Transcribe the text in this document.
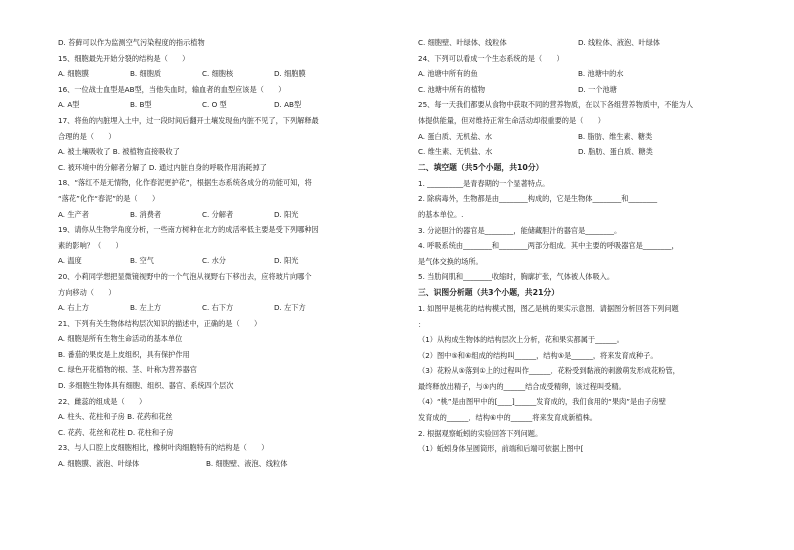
D. 苔藓可以作为监测空气污染程度的指示植物
15、细胞最先开始分裂的结构是（　　）
A. 细胞膜	B. 细胞质	C. 细胞核	D. 细胞膜
16、一位战士血型是AB型，当他失血时，输血者的血型应该是（　　）
A. A型	B. B型	C. O 型	D. AB型
17、将鱼的内脏埋入土中，过一段时间后翻开土壤发现鱼内脏不见了，下列解释最
合理的是（　　）
A. 被土壤吸收了 B. 被植物直接吸收了
C. 被环境中的分解者分解了 D. 通过内脏自身的呼吸作用消耗掉了
18、“落红不是无情物，化作春泥更护花”，根据生态系统各成分的功能可知，将
“落花”化作“春泥”的是（　　）
A. 生产者	B. 消费者	C. 分解者	D. 阳光
19、请你从生物学角度分析，一些南方树种在北方的成活率低主要是受下列哪种因
素的影响？（　　）
A. 温度	B. 空气	C. 水分	D. 阳光
20、小莉同学想把显微镜视野中的一个气泡从视野右下移出去，应将玻片向哪个
方向移动（　　）
A. 右上方	B. 左上方	C. 右下方	D. 左下方
21、下列有关生物体结构层次知识的描述中，正确的是（　　）
A. 细胞是所有生物生命活动的基本单位
B. 番茄的果皮是上皮组织，具有保护作用
C. 绿色开花植物的根、茎、叶称为营养器官
D. 多细胞生物体具有细胞、组织、器官、系统四个层次
22、雌蕊的组成是（　　）
A. 柱头、花柱和子房 B. 花药和花丝
C. 花药、花丝和花柱 D. 花柱和子房
23、与人口腔上皮细胞相比，橡树叶肉细胞特有的结构是（　　）
A. 细胞膜、液泡、叶绿体	B. 细胞壁、液泡、线粒体
C. 细胞壁、叶绿体、线粒体	D. 线粒体、液泡、叶绿体
24、下列可以看成一个生态系统的是（　　）
A. 池塘中所有的鱼	B. 池塘中的水
C. 池塘中所有的植物	D. 一个池塘
25、每一天我们都要从食物中获取不同的营养物质，在以下各组营养物质中，不能为人
体提供能量，但对维持正常生命活动却很重要的是（　　）
A. 蛋白质、无机盐、水	B. 脂肪、维生素、糖类
C. 维生素、无机盐、水	D. 脂肪、蛋白质、糖类
二、填空题（共5个小题，共10分）
1. __________是青春期的一个显著特点。
2. 除病毒外，生物都是由________构成的，它是生物体________和________
的基本单位。.
3. 分泌胆汁的器官是________，能储藏胆汁的器官是________。
4. 呼吸系统由________和________两部分组成．其中主要的呼吸器官是________，
是气体交换的场所。
5. 当肋间肌和________收缩时，胸廓扩张，气体被人体吸入。
三、识图分析题（共3个小题，共21分）
1. 如图甲是桃花的结构模式图，图乙是桃的果实示意图．请据图分析回答下列问题
：
（1）从构成生物体的结构层次上分析，花和果实都属于______。
（2）图中⑤和⑥组成的结构叫______，结构⑤是______，将来发育成种子。
（3）花粉从⑤落到①上的过程叫作______．花粉受到黏液的刺激萌发形成花粉管，
最终释放出精子，与⑤内的______结合成受精卵，该过程叫受精。
（4）“桃”是由图甲中的[____]______发育成的，我们食用的“果肉”是由子房壁
发育成的______．结构⑥中的______将来发育成新植株。
2. 根据观察蚯蚓的实验回答下列问题。
（1）蚯蚓身体呈圆筒形，前端和后端可依据上图中[
